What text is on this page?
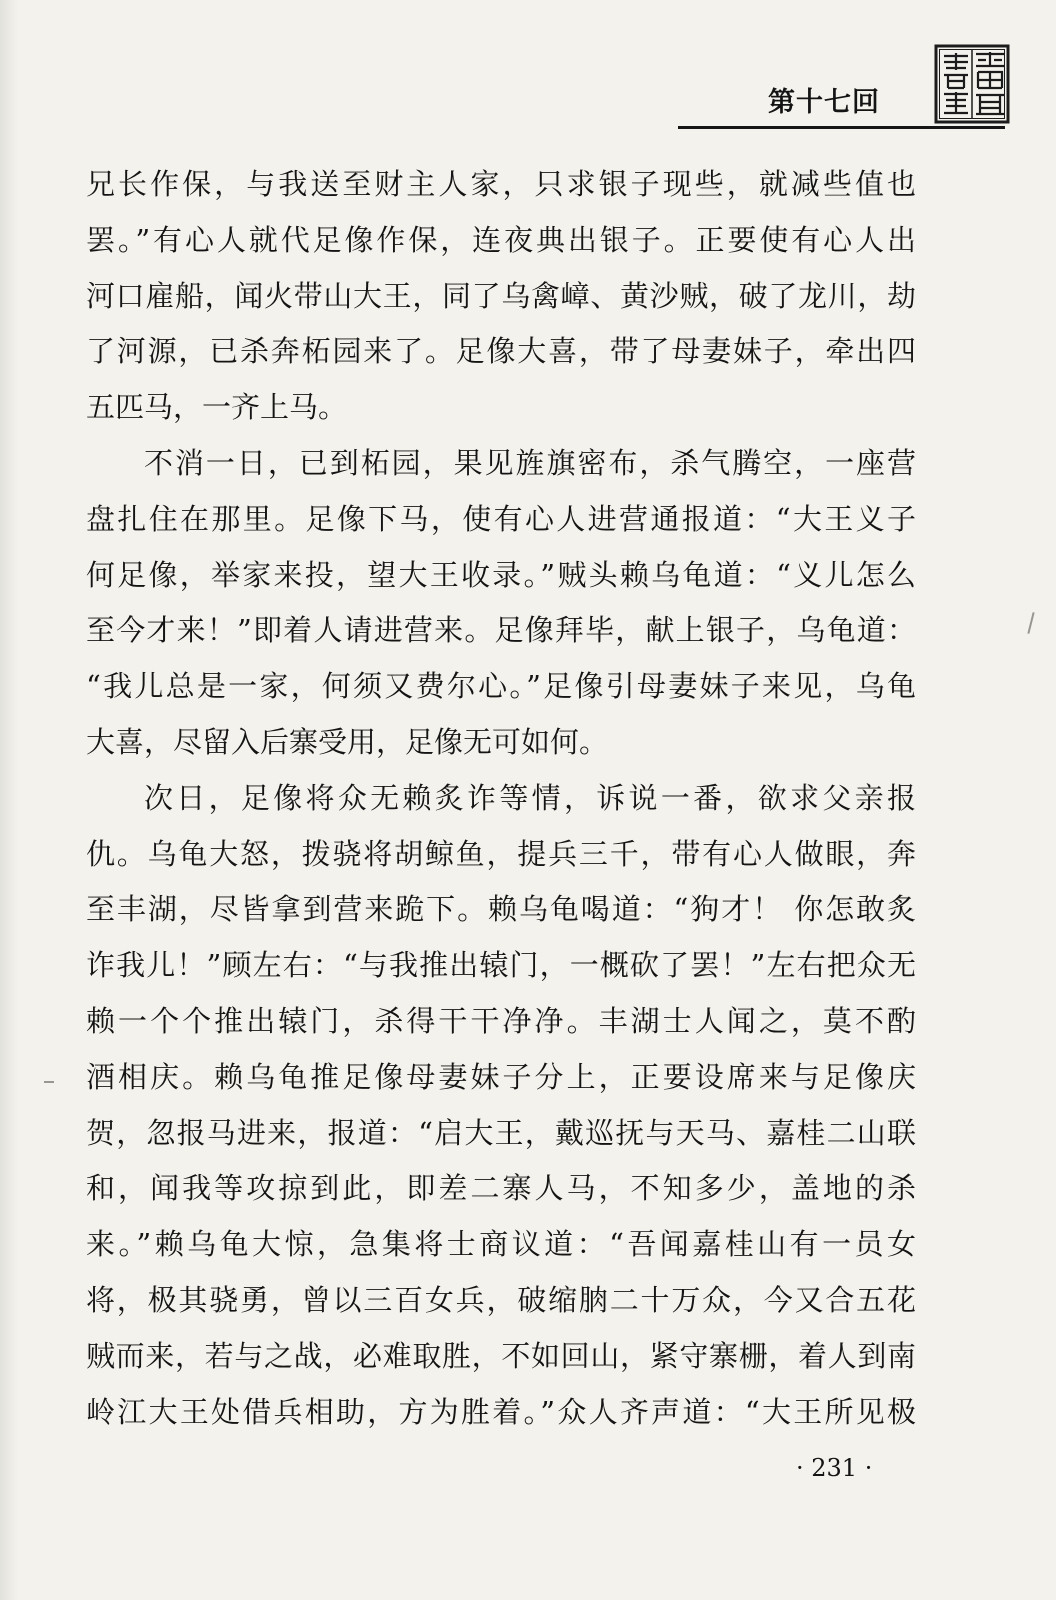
第十七回
兄长作保，与我送至财主人家，只求银子现些，就减些值也
罢。”有心人就代足像作保，连夜典出银子。正要使有心人出
河口雇船，闻火带山大王，同了乌禽嶂、黄沙贼，破了龙川，劫
了河源，已杀奔柘园来了。足像大喜，带了母妻妹子，牵出四
五匹马，一齐上马。
不消一日，已到柘园，果见旌旗密布，杀气腾空，一座营
盘扎住在那里。足像下马，使有心人进营通报道：“大王义子
何足像，举家来投，望大王收录。”贼头赖乌龟道：“义儿怎么
至今才来！”即着人请进营来。足像拜毕，献上银子，乌龟道：
“我儿总是一家，何须又费尔心。”足像引母妻妹子来见，乌龟
大喜，尽留入后寨受用，足像无可如何。
次日，足像将众无赖炙诈等情，诉说一番，欲求父亲报
仇。乌龟大怒，拨骁将胡鲸鱼，提兵三千，带有心人做眼，奔
至丰湖，尽皆拿到营来跪下。赖乌龟喝道：“狗才！ 你怎敢炙
诈我儿！”顾左右：“与我推出辕门，一概砍了罢！”左右把众无
赖一个个推出辕门，杀得干干净净。丰湖士人闻之，莫不酌
酒相庆。赖乌龟推足像母妻妹子分上，正要设席来与足像庆
贺，忽报马进来，报道：“启大王，戴巡抚与天马、嘉桂二山联
和，闻我等攻掠到此，即差二寨人马，不知多少，盖地的杀
来。”赖乌龟大惊，急集将士商议道：“吾闻嘉桂山有一员女
将，极其骁勇，曾以三百女兵，破缩朒二十万众，今又合五花
贼而来，若与之战，必难取胜，不如回山，紧守寨栅，着人到南
岭江大王处借兵相助，方为胜着。”众人齐声道：“大王所见极
· 231 ·
